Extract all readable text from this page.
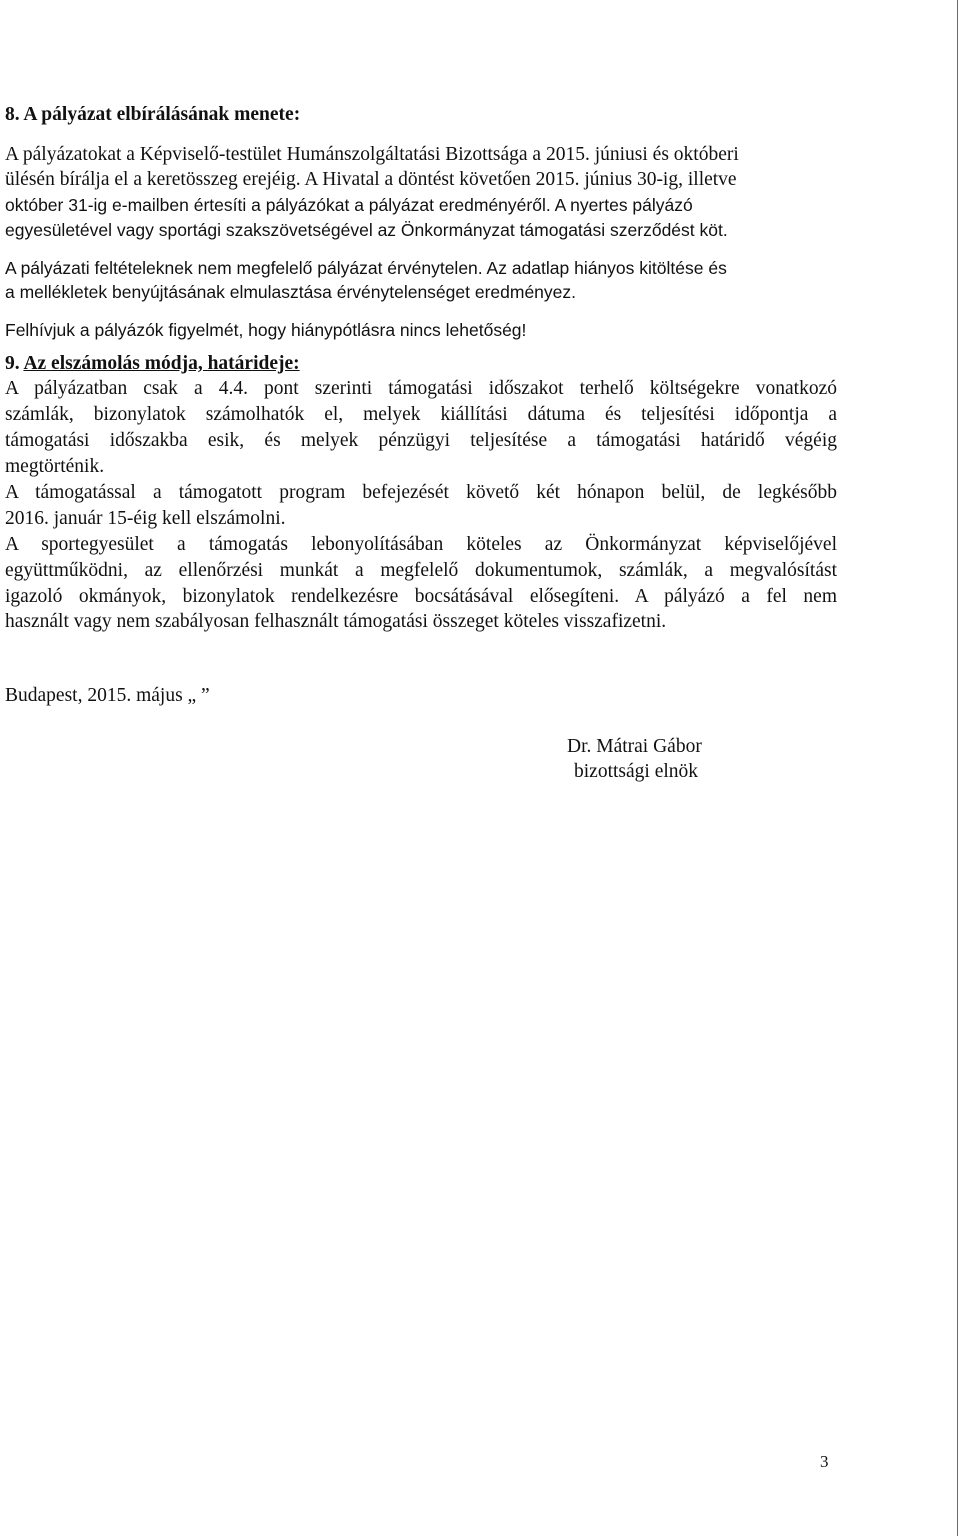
8. A pályázat elbírálásának menete:
A pályázatokat a Képviselő-testület Humánszolgáltatási Bizottsága a 2015. júniusi és októberi
ülésén bírálja el a keretösszeg erejéig. A Hivatal a döntést követően 2015. június 30-ig, illetve
október 31-ig e-mailben értesíti a pályázókat a pályázat eredményéről. A nyertes pályázó
egyesületével vagy sportági szakszövetségével az Önkormányzat támogatási szerződést köt.
A pályázati feltételeknek nem megfelelő pályázat érvénytelen. Az adatlap hiányos kitöltése és
a mellékletek benyújtásának elmulasztása érvénytelenséget eredményez.
Felhívjuk a pályázók figyelmét, hogy hiánypótlásra nincs lehetőség!
9. Az elszámolás módja, határideje:
A pályázatban csak a 4.4. pont szerinti támogatási időszakot terhelő költségekre vonatkozó
számlák, bizonylatok számolhatók el, melyek kiállítási dátuma és teljesítési időpontja a
támogatási időszakba esik, és melyek pénzügyi teljesítése a támogatási határidő végéig
megtörténik.
A támogatással a támogatott program befejezését követő két hónapon belül, de legkésőbb
2016. január 15-éig kell elszámolni.
A sportegyesület a támogatás lebonyolításában köteles az Önkormányzat képviselőjével
együttműködni, az ellenőrzési munkát a megfelelő dokumentumok, számlák, a megvalósítást
igazoló okmányok, bizonylatok rendelkezésre bocsátásával elősegíteni. A pályázó a fel nem
használt vagy nem szabályosan felhasznált támogatási összeget köteles visszafizetni.
Budapest, 2015. május „ ”
Dr. Mátrai Gábor
bizottsági elnök
3
